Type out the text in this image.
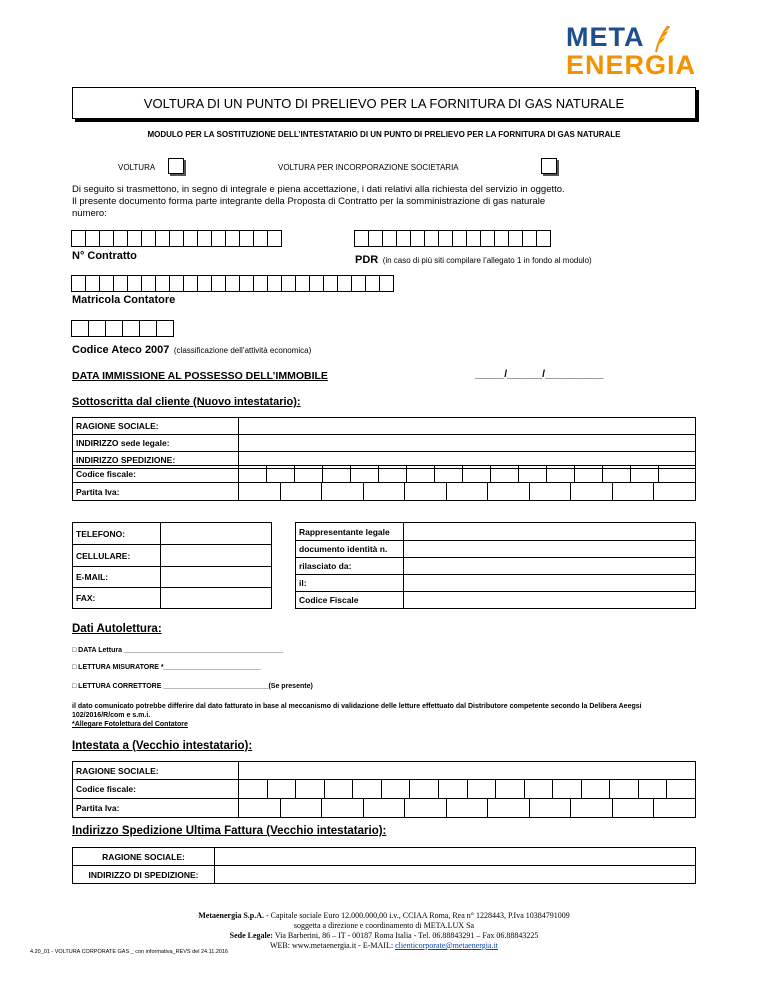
META
ENERGIA
VOLTURA DI UN PUNTO DI PRELIEVO PER LA FORNITURA DI GAS NATURALE
MODULO PER LA SOSTITUZIONE DELL’INTESTATARIO DI UN PUNTO DI PRELIEVO PER LA FORNITURA DI GAS NATURALE
VOLTURA	VOLTURA PER INCORPORAZIONE SOCIETARIA
Di seguito si trasmettono, in segno di integrale e piena accettazione, i dati relativi alla richiesta del servizio in oggetto.
Il presente documento forma parte integrante della Proposta di Contratto per la somministrazione di gas naturale
numero:
N° Contratto	PDR (in caso di più siti compilare l’allegato 1 in fondo al modulo)
Matricola Contatore
Codice Ateco 2007 (classificazione dell’attività economica)
DATA IMMISSIONE AL POSSESSO DELL’IMMOBILE	_____/______/__________
Sottoscritta dal cliente (Nuovo intestatario):
RAGIONE SOCIALE:	
INDIRIZZO sede legale:	
INDIRIZZO SPEDIZIONE:	
Codice fiscale:																
Partita Iva:																
TELEFONO:	
CELLULARE:	
E-MAIL:	
FAX:	
Rappresentante legale	
documento identità n.	
rilasciato da:	
il:	
Codice Fiscale	
Dati Autolettura:
□ DATA Lettura _________________________________________
□ LETTURA MISURATORE *_________________________
□ LETTURA CORRETTORE ___________________________(Se presente)
il dato comunicato potrebbe differire dal dato fatturato in base al meccanismo di validazione delle letture effettuato dal Distributore competente secondo la Delibera Aeegsi
102/2016/R/com e s.m.i.
*Allegare Fotolettura del Contatore
Intestata a (Vecchio intestatario):
RAGIONE SOCIALE:	
Codice fiscale:	

Partita Iva:	
Indirizzo Spedizione Ultima Fattura (Vecchio intestatario):
RAGIONE SOCIALE:	
INDIRIZZO DI SPEDIZIONE:	
Metaenergia S.p.A. - Capitale sociale Euro 12.000.000,00 i.v., CCIAA Roma, Rea n° 1228443, P.Iva 10384791009
soggetta a direzione e coordinamento di META.LUX Sa
Sede Legale: Via Barberini, 86 – IT - 00187 Roma Italia - Tel. 06.88843291 – Fax 06.88843225
WEB: www.metaenergia.it - E-MAIL: clienticorporate@metaenergia.it
4.20_01 - VOLTURA CORPORATE GAS _ con informativa_REVS del 24.11.2016
